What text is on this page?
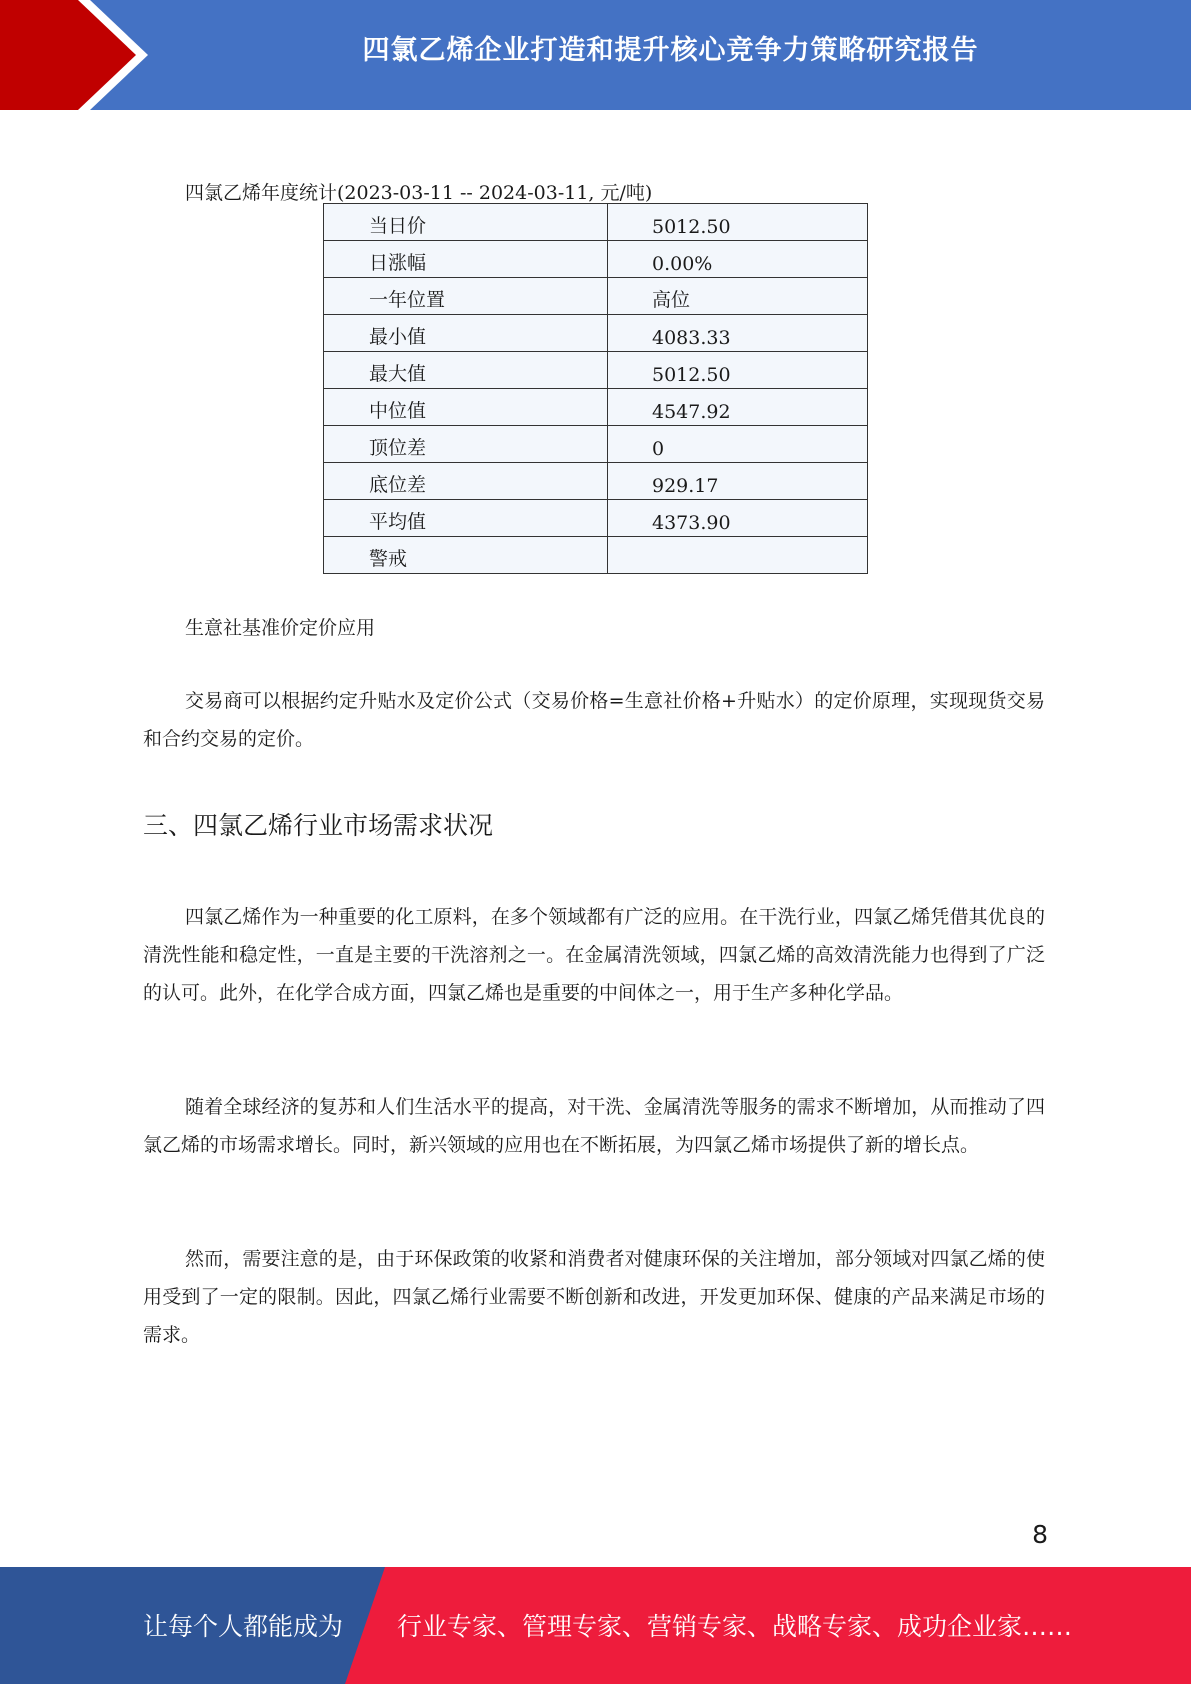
四氯乙烯企业打造和提升核心竞争力策略研究报告
四氯乙烯年度统计(2023-03-11 -- 2024-03-11, 元/吨)
当日价	5012.50
日涨幅	0.00%
一年位置	高位
最小值	4083.33
最大值	5012.50
中位值	4547.92
顶位差	0
底位差	929.17
平均值	4373.90
警戒	
生意社基准价定价应用
交易商可以根据约定升贴水及定价公式（交易价格=生意社价格+升贴水）的定价原理，实现现货交易和合约交易的定价。
三、四氯乙烯行业市场需求状况
四氯乙烯作为一种重要的化工原料，在多个领域都有广泛的应用。在干洗行业，四氯乙烯凭借其优良的清洗性能和稳定性，一直是主要的干洗溶剂之一。在金属清洗领域，四氯乙烯的高效清洗能力也得到了广泛的认可。此外，在化学合成方面，四氯乙烯也是重要的中间体之一，用于生产多种化学品。
随着全球经济的复苏和人们生活水平的提高，对干洗、金属清洗等服务的需求不断增加，从而推动了四氯乙烯的市场需求增长。同时，新兴领域的应用也在不断拓展，为四氯乙烯市场提供了新的增长点。
然而，需要注意的是，由于环保政策的收紧和消费者对健康环保的关注增加，部分领域对四氯乙烯的使用受到了一定的限制。因此，四氯乙烯行业需要不断创新和改进，开发更加环保、健康的产品来满足市场的需求。
8
让每个人都能成为 行业专家、管理专家、营销专家、战略专家、成功企业家……
